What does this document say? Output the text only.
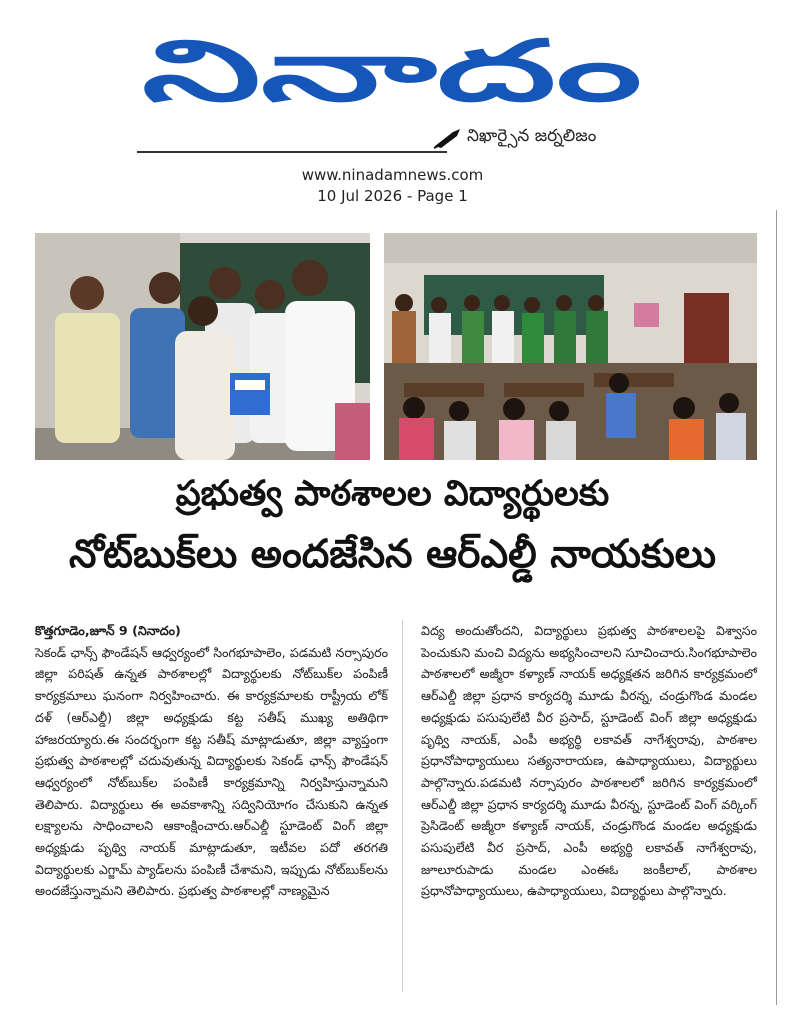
నినాదం
నిఖార్సైన జర్నలిజం
www.ninadamnews.com
10 Jul 2026 - Page 1
ప్రభుత్వ పాఠశాలల విద్యార్థులకు
నోట్‌బుక్‌లు అందజేసిన ఆర్ఎల్డీ నాయకులు
కొత్తగూడెం,జూన్ 9 (నినాదం)
సెకండ్ ఛాన్స్ ఫౌండేషన్ ఆధ్వర్యంలో సింగభూపాలెం, పడమటి నర్సాపురం జిల్లా పరిషత్ ఉన్నత పాఠశాలల్లో విద్యార్థులకు నోట్‌బుక్‌ల పంపిణీ కార్యక్రమాలు ఘనంగా నిర్వహించారు. ఈ కార్యక్రమాలకు రాష్ట్రీయ లోక్ దళ్ (ఆర్ఎల్డీ) జిల్లా అధ్యక్షుడు కట్ట సతీష్ ముఖ్య అతిథిగా హాజరయ్యారు.ఈ సందర్భంగా కట్ట సతీష్ మాట్లాడుతూ, జిల్లా వ్యాప్తంగా ప్రభుత్వ పాఠశాలల్లో చదువుతున్న విద్యార్థులకు సెకండ్ ఛాన్స్ ఫౌండేషన్ ఆధ్వర్యంలో నోట్‌బుక్‌ల పంపిణీ కార్యక్రమాన్ని నిర్వహిస్తున్నామని తెలిపారు. విద్యార్థులు ఈ అవకాశాన్ని సద్వినియోగం చేసుకుని ఉన్నత లక్ష్యాలను సాధించాలని ఆకాంక్షించారు.ఆర్ఎల్డీ స్టూడెంట్ వింగ్ జిల్లా అధ్యక్షుడు పృథ్వి నాయక్ మాట్లాడుతూ, ఇటీవల పదో తరగతి విద్యార్థులకు ఎగ్జామ్ ప్యాడ్‌లను పంపిణీ చేశామని, ఇప్పుడు నోట్‌బుక్‌లను అందజేస్తున్నామని తెలిపారు. ప్రభుత్వ పాఠశాలల్లో నాణ్యమైన
విద్య అందుతోందని, విద్యార్థులు ప్రభుత్వ పాఠశాలలపై విశ్వాసం పెంచుకుని మంచి విద్యను అభ్యసించాలని సూచించారు.సింగభూపాలెం పాఠశాలలో అజ్మీరా కళ్యాణ్ నాయక్ అధ్యక్షతన జరిగిన కార్యక్రమంలో ఆర్ఎల్డీ జిల్లా ప్రధాన కార్యదర్శి మూడు వీరన్న, చండ్రుగొండ మండల అధ్యక్షుడు పసుపులేటి వీర ప్రసాద్, స్టూడెంట్ వింగ్ జిల్లా అధ్యక్షుడు పృథ్వి నాయక్, ఎంపీ అభ్యర్థి లకావత్ నాగేశ్వరావు, పాఠశాల ప్రధానోపాధ్యాయులు సత్యనారాయణ, ఉపాధ్యాయులు, విద్యార్థులు పాల్గొన్నారు.పడమటి నర్సాపురం పాఠశాలలో జరిగిన కార్యక్రమంలో ఆర్ఎల్డీ జిల్లా ప్రధాన కార్యదర్శి మూడు వీరన్న, స్టూడెంట్ వింగ్ వర్కింగ్ ప్రెసిడెంట్ అజ్మీరా కళ్యాణ్ నాయక్, చండ్రుగొండ మండల అధ్యక్షుడు పసుపులేటి వీర ప్రసాద్, ఎంపీ అభ్యర్థి లకావత్ నాగేశ్వరావు, జూలూరుపాడు మండల ఎంఈఓ జంకీలాల్, పాఠశాల ప్రధానోపాధ్యాయులు, ఉపాధ్యాయులు, విద్యార్థులు పాల్గొన్నారు.
